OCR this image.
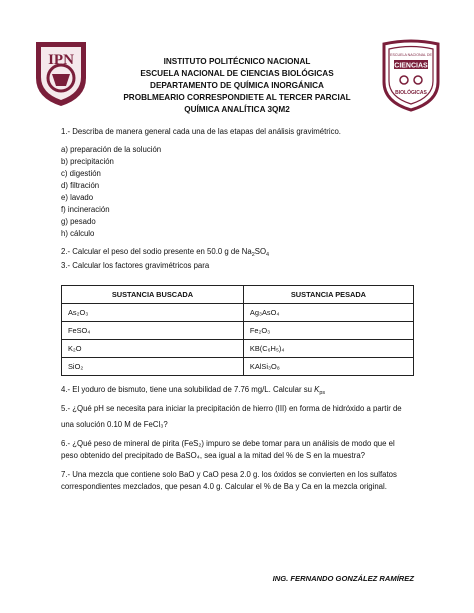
IPN	CIENCIAS
ESCUELA NACIONAL DE
BIOLÓGICAS
INSTITUTO POLITÉCNICO NACIONAL
ESCUELA NACIONAL DE CIENCIAS BIOLÓGICAS
DEPARTAMENTO DE QUÍMICA INORGÁNICA
PROBLMEARIO CORRESPONDIETE AL TERCER PARCIAL
QUÍMICA ANALÍTICA 3QM2

1.- Describa de manera general cada una de las etapas del análisis gravimétrico.

a) preparación de la solución
b) precipitación
c) digestión
d) filtración
e) lavado
f) incineración
g) pesado
h) cálculo

2.- Calcular el peso del sodio presente en 50.0 g de $Na_2SO_4$

3.- Calcular los factores gravimétricos para

SUSTANCIA BUSCADA	SUSTANCIA PESADA
As₂O₃	Ag₃AsO₄
FeSO₄	Fe₂O₃
K₂O	KB(C₆H₅)₄
SiO₂	KAlSi₃O₈

4.- El yoduro de bismuto, tiene una solubilidad de 7.76 mg/L. Calcular su $K_{ps}$

5.- ¿Qué pH se necesita para iniciar la precipitación de hierro (III) en forma de hidróxido a partir de

una solución 0.10 M de FeCl₃?

6.- ¿Qué peso de mineral de pirita (FeS₂) impuro se debe tomar para un análisis de modo que el

peso obtenido del precipitado de BaSO₄, sea igual a la mitad del % de S en la muestra?

7.- Una mezcla que contiene solo BaO y CaO pesa 2.0 g. los óxidos se convierten en los sulfatos

correspondientes mezclados, que pesan 4.0 g. Calcular el % de Ba y Ca en la mezcla original.

ING. FERNANDO GONZÁLEZ RAMÍREZ
